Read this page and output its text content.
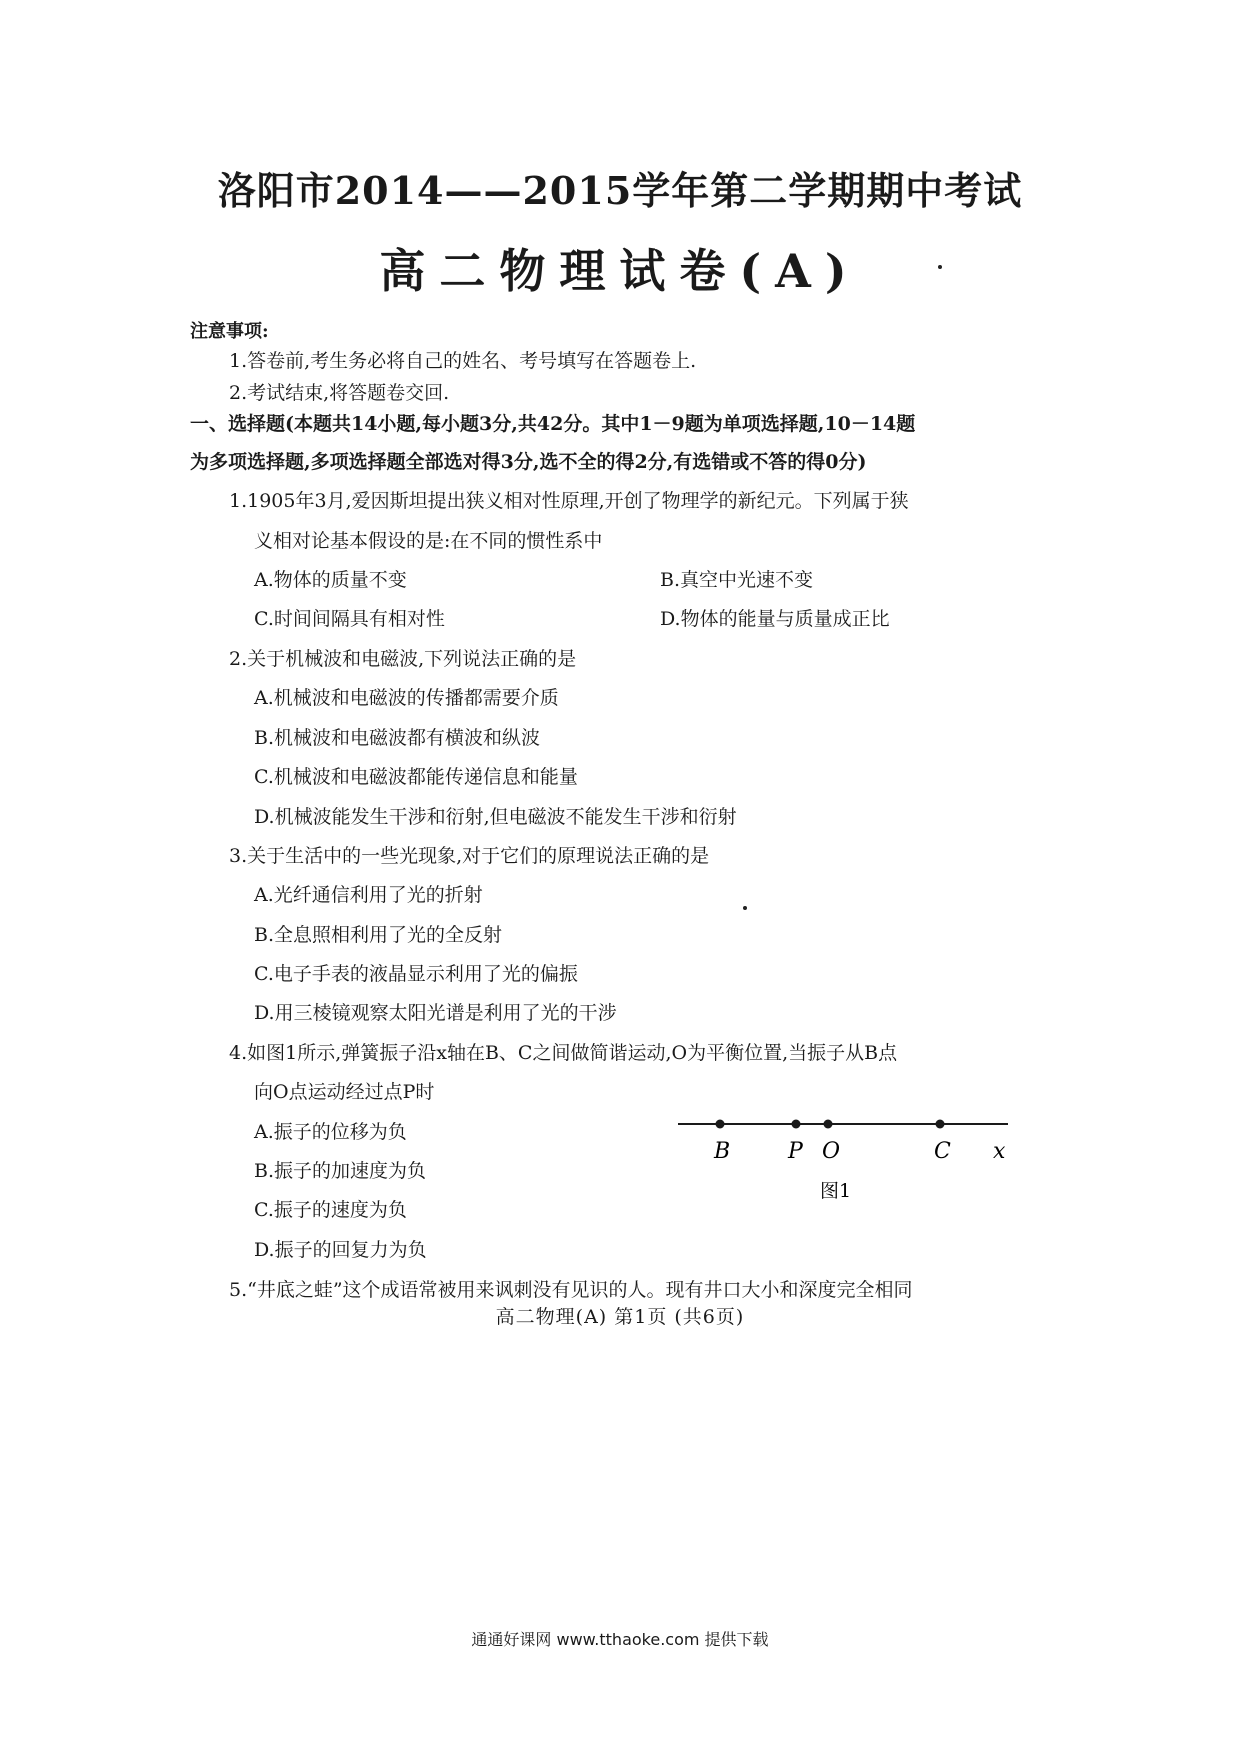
洛阳市2014——2015学年第二学期期中考试
高二物理试卷(A)
注意事项:
1.答卷前,考生务必将自己的姓名、考号填写在答题卷上.
2.考试结束,将答题卷交回.
一、选择题(本题共14小题,每小题3分,共42分。其中1－9题为单项选择题,10－14题
为多项选择题,多项选择题全部选对得3分,选不全的得2分,有选错或不答的得0分)
1.1905年3月,爱因斯坦提出狭义相对性原理,开创了物理学的新纪元。下列属于狭
义相对论基本假设的是:在不同的惯性系中
A.物体的质量不变	B.真空中光速不变
C.时间间隔具有相对性	D.物体的能量与质量成正比
2.关于机械波和电磁波,下列说法正确的是
A.机械波和电磁波的传播都需要介质
B.机械波和电磁波都有横波和纵波
C.机械波和电磁波都能传递信息和能量
D.机械波能发生干涉和衍射,但电磁波不能发生干涉和衍射
3.关于生活中的一些光现象,对于它们的原理说法正确的是
A.光纤通信利用了光的折射
B.全息照相利用了光的全反射
C.电子手表的液晶显示利用了光的偏振
D.用三棱镜观察太阳光谱是利用了光的干涉
4.如图1所示,弹簧振子沿x轴在B、C之间做简谐运动,O为平衡位置,当振子从B点
向O点运动经过点P时
A.振子的位移为负
B.振子的加速度为负
C.振子的速度为负
D.振子的回复力为负
B	P O	C x
图1
5.“井底之蛙”这个成语常被用来讽刺没有见识的人。现有井口大小和深度完全相同
高二物理(A) 第1页 (共6页)
通通好课网 www.tthaoke.com 提供下载
